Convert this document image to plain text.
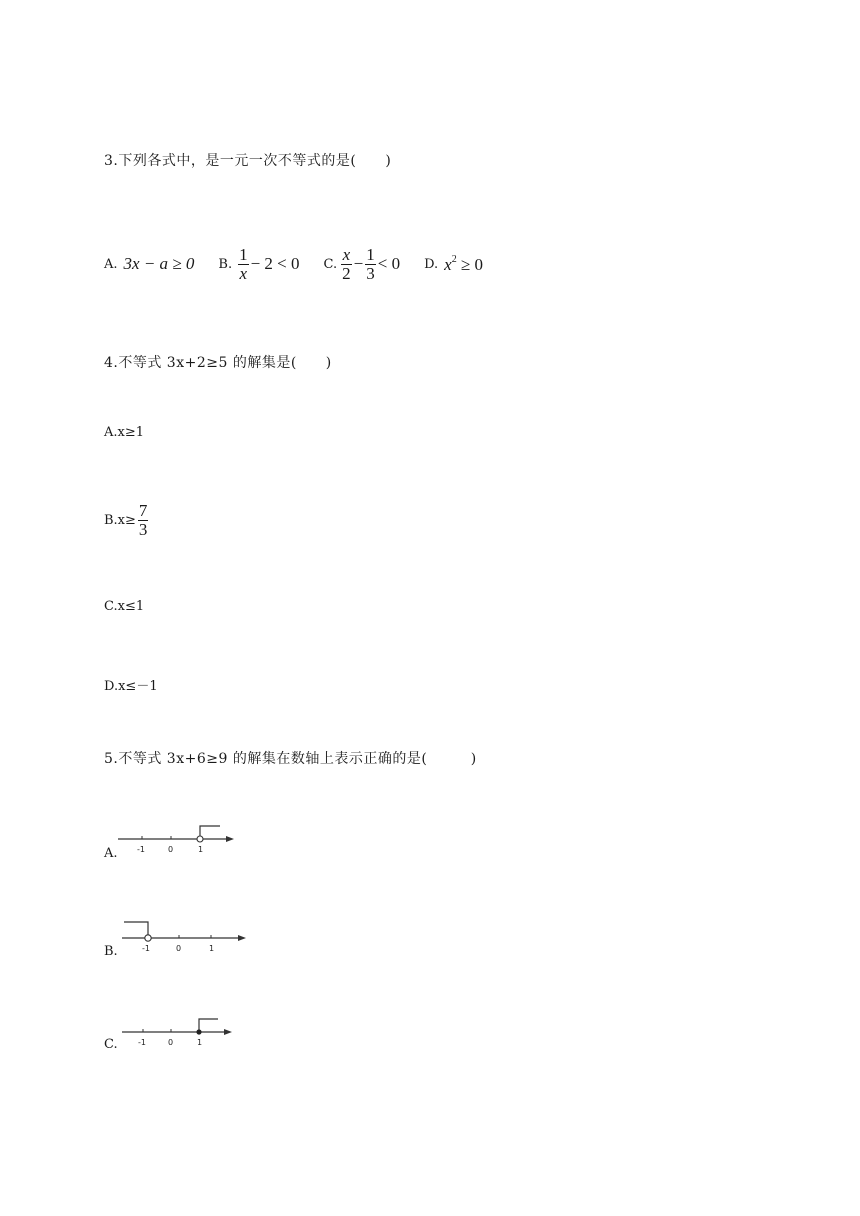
3.下列各式中，是一元一次不等式的是(　　)
A. 3x − a ≥ 0 B. $\frac{1}{x} - 2 < 0$ C. $\frac{x}{2} - \frac{1}{3} < 0$ D. $x^2 \ge 0$
4.不等式 3x+2≥5 的解集是(　　)
A.x≥1
$B.x\ge \frac{7}{3}$
C.x≤1
D.x≤－1
5.不等式 3x+6≥9 的解集在数轴上表示正确的是(　　　)
A. -1	0	1
B.	-1	0	1
C.	-1	0	1
